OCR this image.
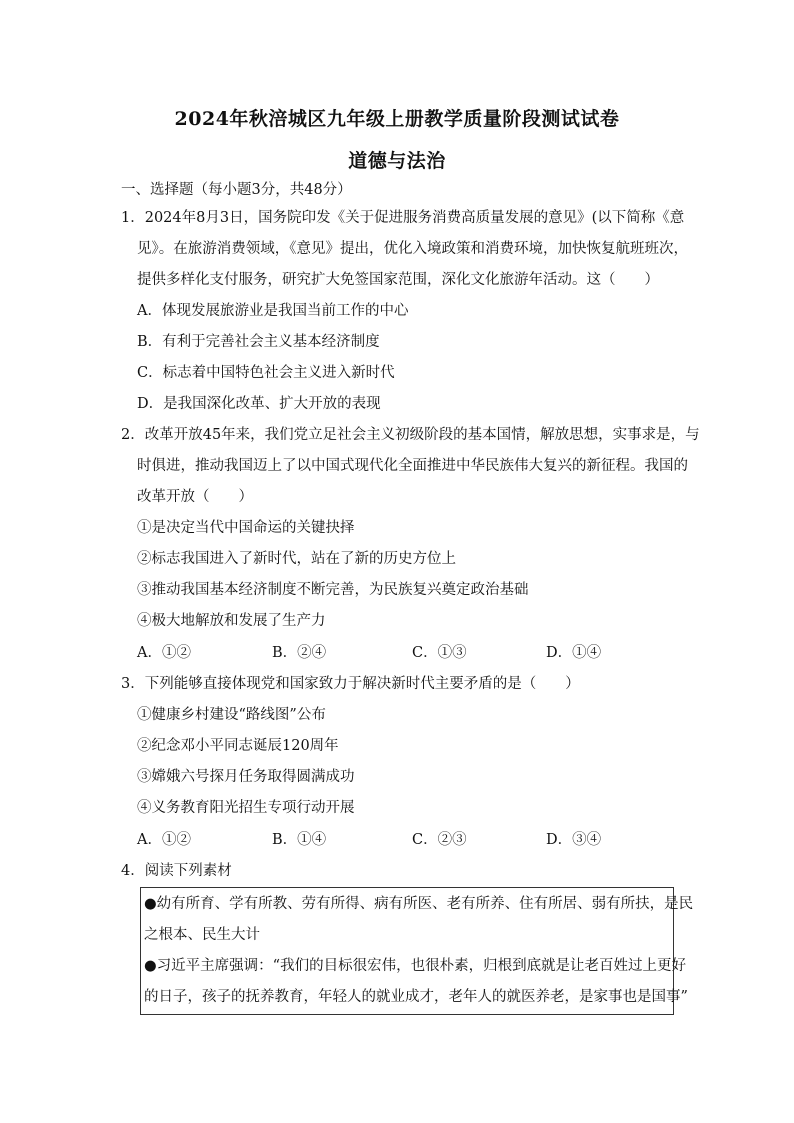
2024年秋涪城区九年级上册教学质量阶段测试试卷
道德与法治
一、选择题（每小题3分，共48分）
1．2024年8月3日，国务院印发《关于促进服务消费高质量发展的意见》(以下简称《意
见》。在旅游消费领域，《意见》提出，优化入境政策和消费环境，加快恢复航班班次，
提供多样化支付服务，研究扩大免签国家范围，深化文化旅游年活动。这（　　）
A．体现发展旅游业是我国当前工作的中心
B．有利于完善社会主义基本经济制度
C．标志着中国特色社会主义进入新时代
D．是我国深化改革、扩大开放的表现
2．改革开放45年来，我们党立足社会主义初级阶段的基本国情，解放思想，实事求是，与
时俱进，推动我国迈上了以中国式现代化全面推进中华民族伟大复兴的新征程。我国的
改革开放（　　）
①是决定当代中国命运的关键抉择
②标志我国进入了新时代，站在了新的历史方位上
③推动我国基本经济制度不断完善，为民族复兴奠定政治基础
④极大地解放和发展了生产力
A．①②	B．②④	C．①③	D．①④
3．下列能够直接体现党和国家致力于解决新时代主要矛盾的是（　　）
①健康乡村建设“路线图”公布
②纪念邓小平同志诞辰120周年
③嫦娥六号探月任务取得圆满成功
④义务教育阳光招生专项行动开展
A．①②	B．①④	C．②③	D．③④
4．阅读下列素材
●幼有所育、学有所教、劳有所得、病有所医、老有所养、住有所居、弱有所扶，是民
之根本、民生大计
●习近平主席强调：“我们的目标很宏伟，也很朴素，归根到底就是让老百姓过上更好
的日子，孩子的抚养教育，年轻人的就业成才，老年人的就医养老，是家事也是国事”
